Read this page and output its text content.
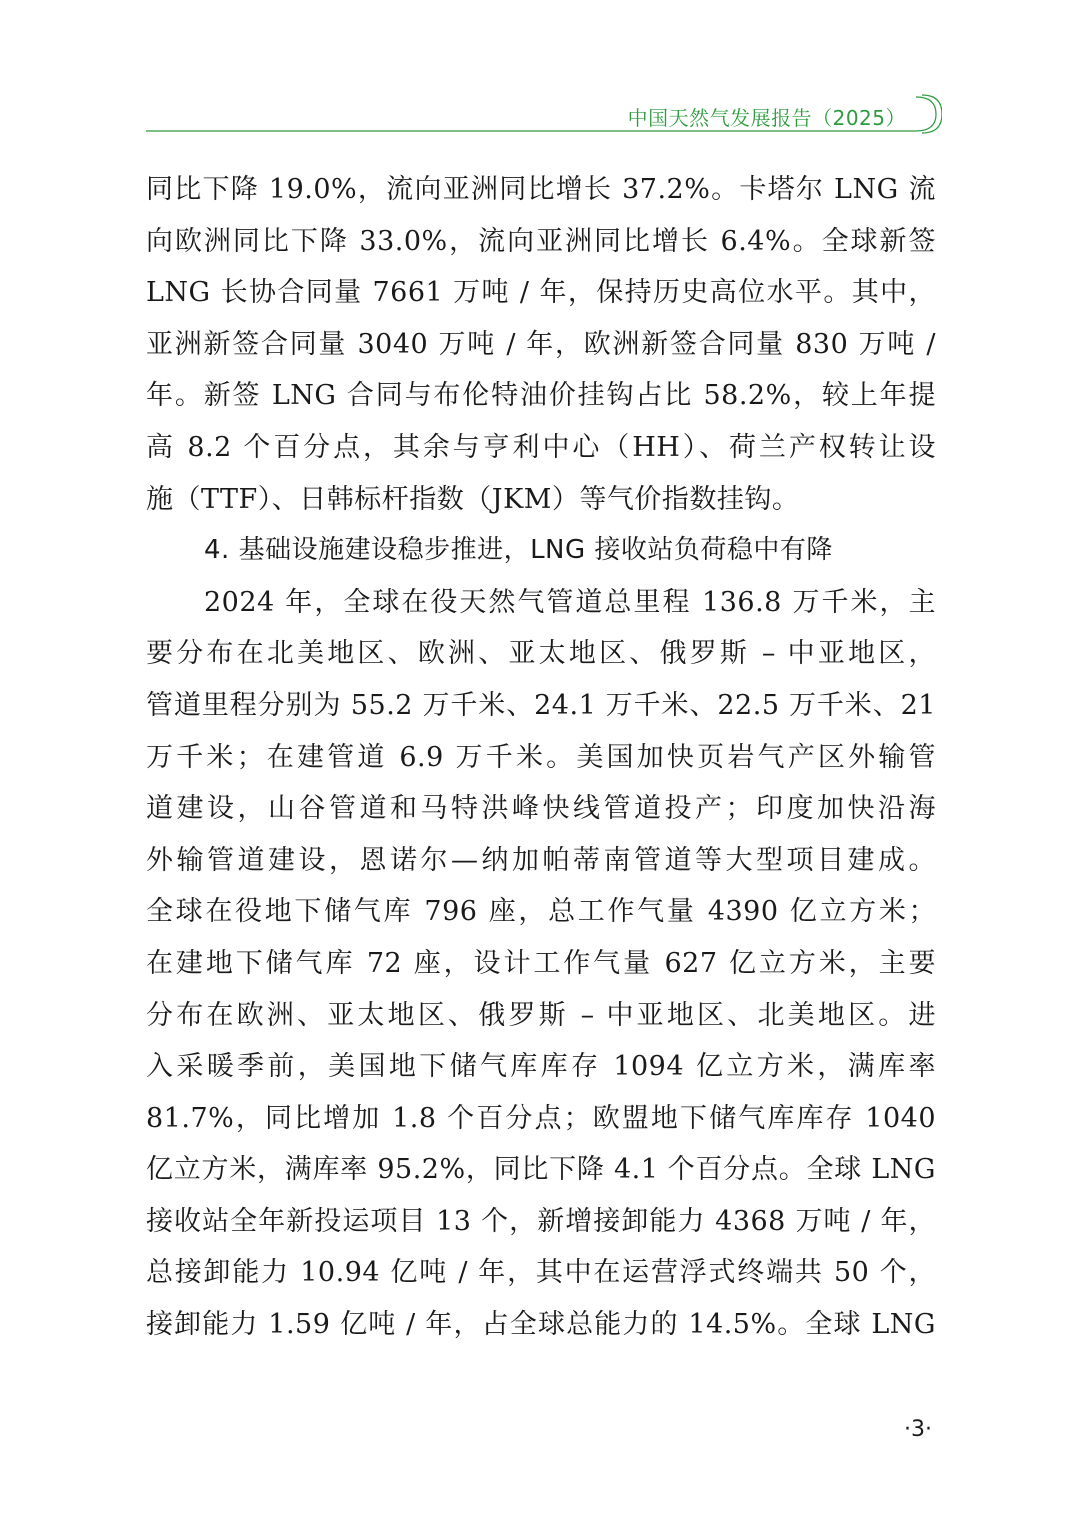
中国天然气发展报告（2025）
同比下降 19.0%，流向亚洲同比增长 37.2%。卡塔尔 LNG 流
向欧洲同比下降 33.0%，流向亚洲同比增长 6.4%。全球新签
LNG 长协合同量 7661 万吨 / 年，保持历史高位水平。其中，
亚洲新签合同量 3040 万吨 / 年，欧洲新签合同量 830 万吨 /
年。新签 LNG 合同与布伦特油价挂钩占比 58.2%，较上年提
高 8.2 个百分点，其余与亨利中心（HH）、荷兰产权转让设
施（TTF）、日韩标杆指数（JKM）等气价指数挂钩。
4. 基础设施建设稳步推进，LNG 接收站负荷稳中有降
2024 年，全球在役天然气管道总里程 136.8 万千米，主
要分布在北美地区、欧洲、亚太地区、俄罗斯 – 中亚地区，
管道里程分别为 55.2 万千米、24.1 万千米、22.5 万千米、21
万千米；在建管道 6.9 万千米。美国加快页岩气产区外输管
道建设，山谷管道和马特洪峰快线管道投产；印度加快沿海
外输管道建设，恩诺尔—纳加帕蒂南管道等大型项目建成。
全球在役地下储气库 796 座，总工作气量 4390 亿立方米；
在建地下储气库 72 座，设计工作气量 627 亿立方米，主要
分布在欧洲、亚太地区、俄罗斯 – 中亚地区、北美地区。进
入采暖季前，美国地下储气库库存 1094 亿立方米，满库率
81.7%，同比增加 1.8 个百分点；欧盟地下储气库库存 1040
亿立方米，满库率 95.2%，同比下降 4.1 个百分点。全球 LNG
接收站全年新投运项目 13 个，新增接卸能力 4368 万吨 / 年，
总接卸能力 10.94 亿吨 / 年，其中在运营浮式终端共 50 个，
接卸能力 1.59 亿吨 / 年，占全球总能力的 14.5%。全球 LNG
·3·
